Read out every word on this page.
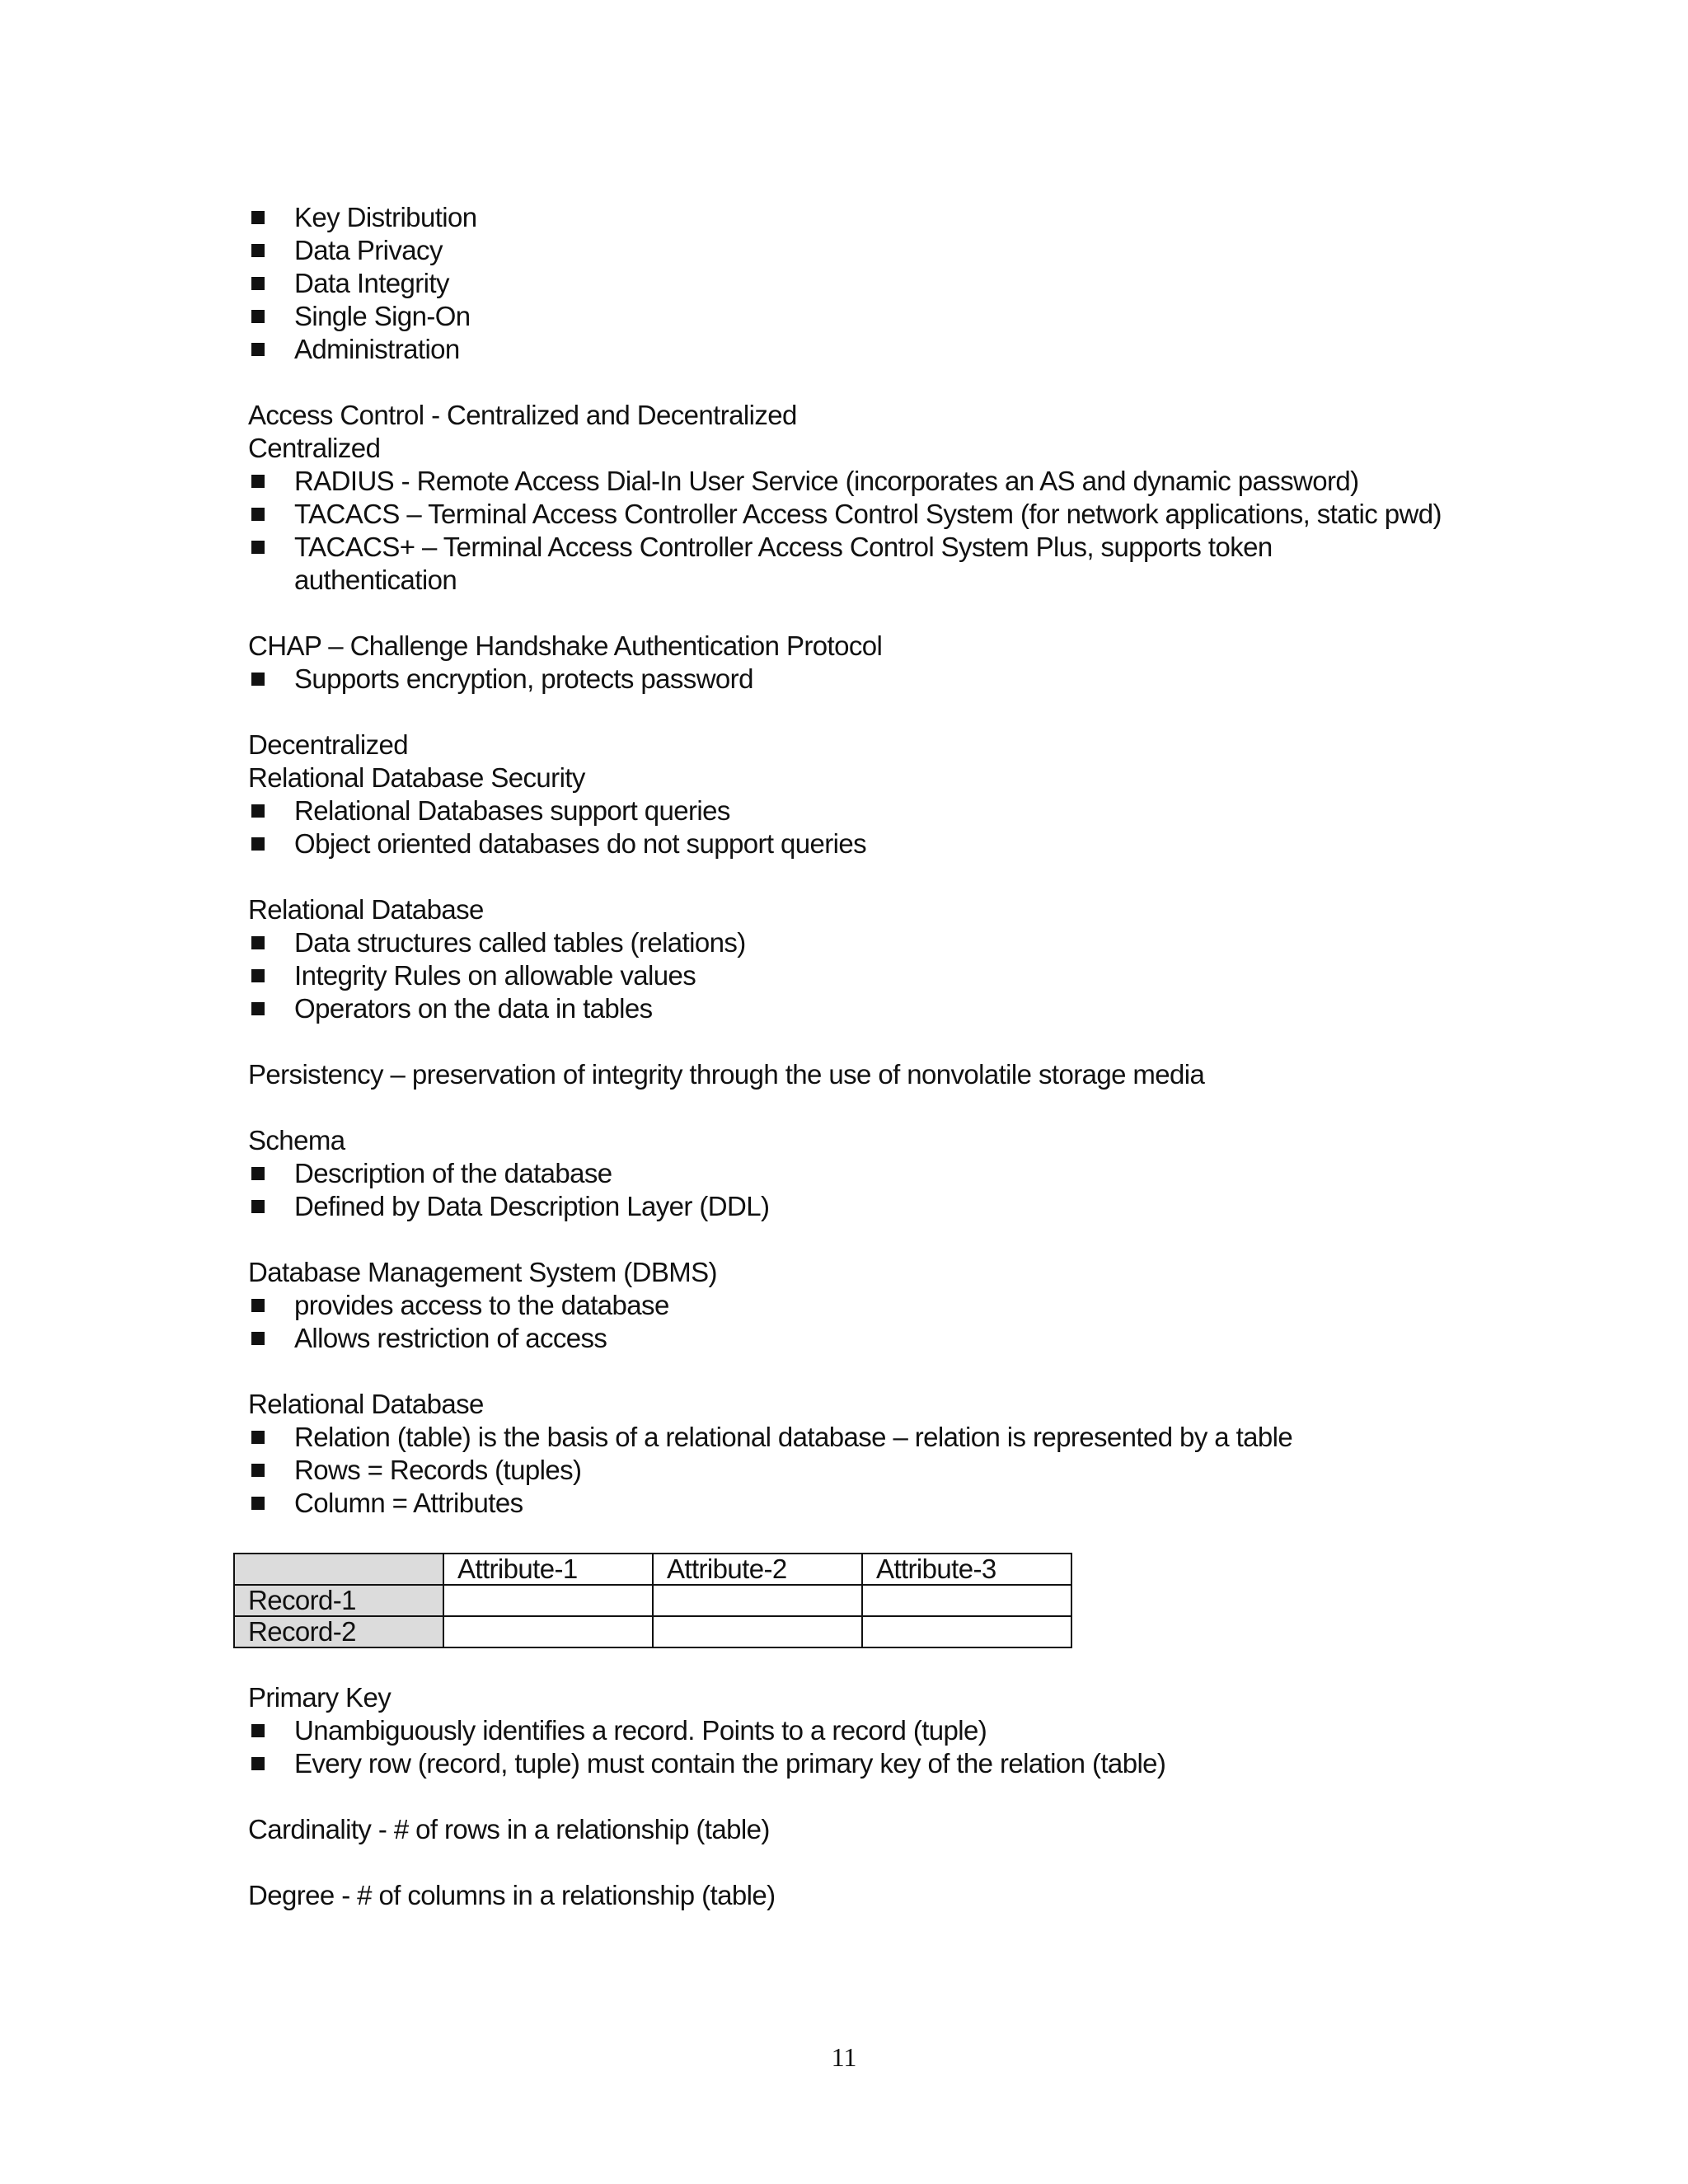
Key Distribution
Data Privacy
Data Integrity
Single Sign-On
Administration
Access Control - Centralized and Decentralized
Centralized
RADIUS - Remote Access Dial-In User Service (incorporates an AS and dynamic password)
TACACS – Terminal Access Controller Access Control System (for network applications, static pwd)
TACACS+ – Terminal Access Controller Access Control System Plus, supports token authentication
CHAP – Challenge Handshake Authentication Protocol
Supports encryption, protects password
Decentralized
Relational Database Security
Relational Databases support queries
Object oriented databases do not support queries
Relational Database
Data structures called tables (relations)
Integrity Rules on allowable values
Operators on the data in tables
Persistency – preservation of integrity through the use of nonvolatile storage media
Schema
Description of the database
Defined by Data Description Layer (DDL)
Database Management System (DBMS)
provides access to the database
Allows restriction of access
Relational Database
Relation (table) is the basis of a relational database – relation is represented by a table
Rows = Records (tuples)
Column = Attributes
	Attribute-1	Attribute-2	Attribute-3
Record-1			
Record-2			
Primary Key
Unambiguously identifies a record. Points to a record (tuple)
Every row (record, tuple) must contain the primary key of the relation (table)
Cardinality - # of rows in a relationship (table)
Degree - # of columns in a relationship (table)
11
